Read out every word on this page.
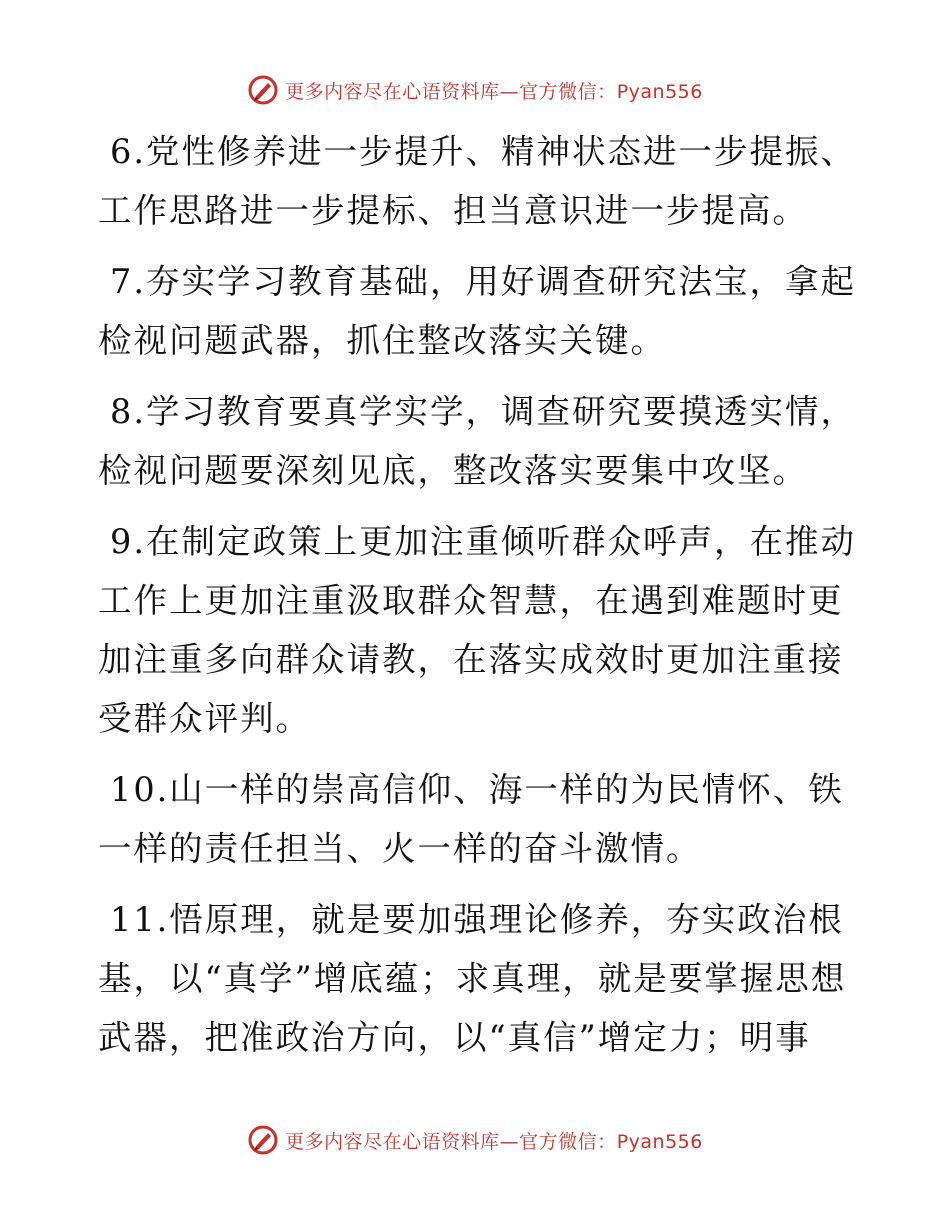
更多内容尽在心语资料库—官方微信：Pyan556

6.党性修养进一步提升、精神状态进一步提振、工作思路进一步提标、担当意识进一步提高。

7.夯实学习教育基础，用好调查研究法宝，拿起检视问题武器，抓住整改落实关键。

8.学习教育要真学实学，调查研究要摸透实情，检视问题要深刻见底，整改落实要集中攻坚。

9.在制定政策上更加注重倾听群众呼声，在推动工作上更加注重汲取群众智慧，在遇到难题时更加注重多向群众请教，在落实成效时更加注重接受群众评判。

10.山一样的崇高信仰、海一样的为民情怀、铁一样的责任担当、火一样的奋斗激情。

11.悟原理，就是要加强理论修养，夯实政治根基，以“真学”增底蕴；求真理，就是要掌握思想武器，把准政治方向，以“真信”增定力；明事

更多内容尽在心语资料库—官方微信：Pyan556
